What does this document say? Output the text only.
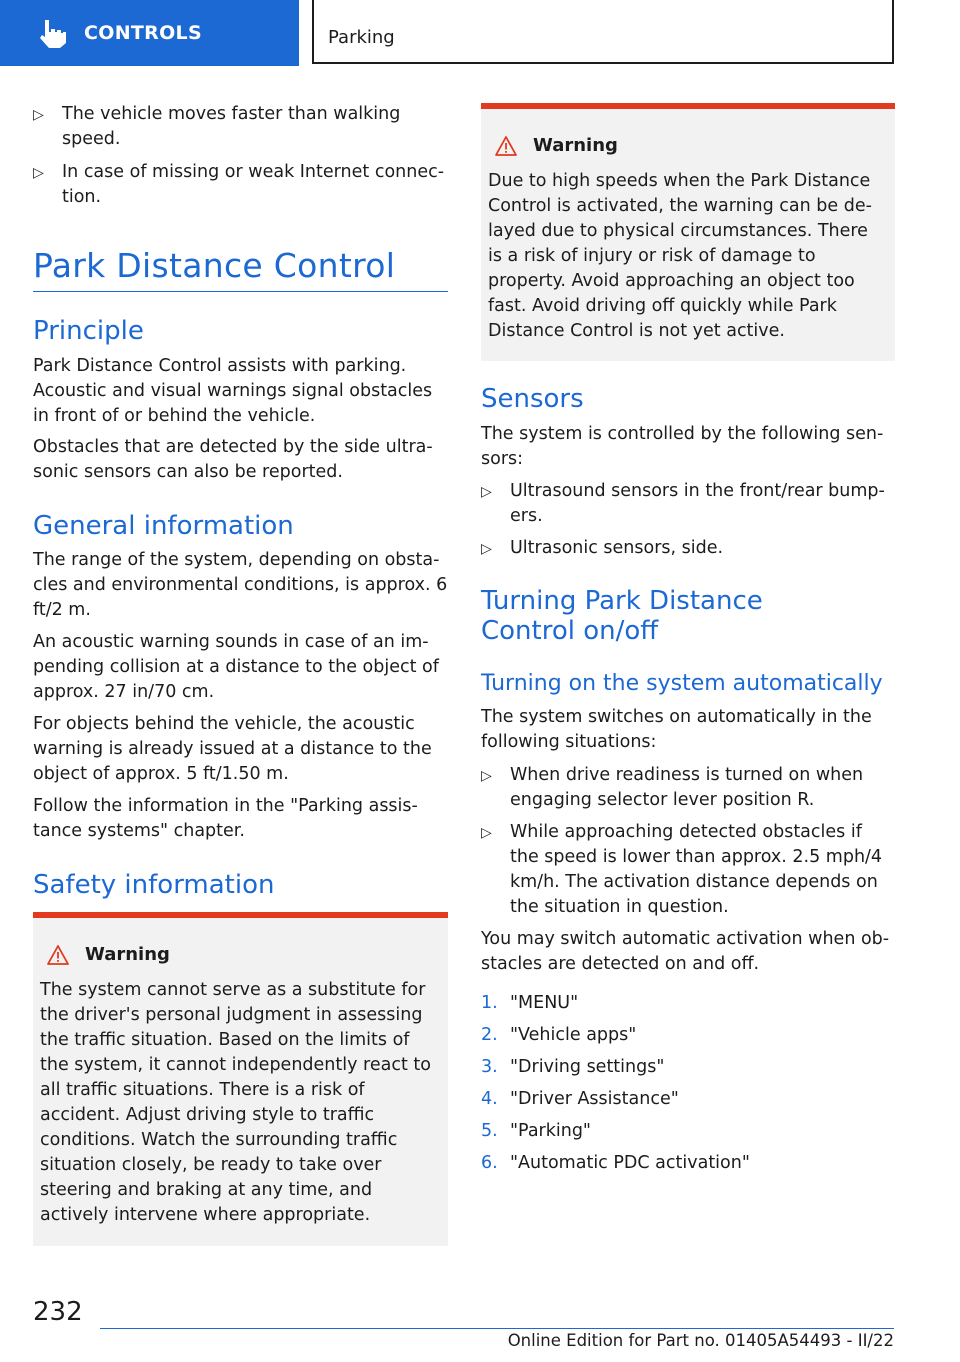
CONTROLS	Parking
▷ The vehicle moves faster than walking speed.
▷ In case of missing or weak Internet connec-tion.
Park Distance Control
Principle

Park Distance Control assists with parking. Acoustic and visual warnings signal obstacles in front of or behind the vehicle.

Obstacles that are detected by the side ultra-sonic sensors can also be reported.

General information

The range of the system, depending on obsta-cles and environmental conditions, is approx. 6 ft/2 m.

An acoustic warning sounds in case of an im-pending collision at a distance to the object of approx. 27 in/70 cm.

For objects behind the vehicle, the acoustic warning is already issued at a distance to the object of approx. 5 ft/1.50 m.

Follow the information in the "Parking assis-tance systems" chapter.

Safety information
Warning
The system cannot serve as a substitute for the driver's personal judgment in assessing the traffic situation. Based on the limits of the system, it cannot independently react to all traffic situations. There is a risk of accident. Adjust driving style to traffic conditions. Watch the surrounding traffic situation closely, be ready to take over steering and braking at any time, and actively intervene where appropriate.
Warning
Due to high speeds when the Park Distance Control is activated, the warning can be de-layed due to physical circumstances. There is a risk of injury or risk of damage to property. Avoid approaching an object too fast. Avoid driving off quickly while Park Distance Control is not yet active.
Sensors

The system is controlled by the following sen-sors:

▷ Ultrasound sensors in the front/rear bump-ers.
▷ Ultrasonic sensors, side.
Turning Park Distance Control on/off
Turning on the system automatically

The system switches on automatically in the following situations:

▷ When drive readiness is turned on when engaging selector lever position R.
▷ While approaching detected obstacles if the speed is lower than approx. 2.5 mph/4 km/h. The activation distance depends on the situation in question.

You may switch automatic activation when ob-stacles are detected on and off.

1. "MENU"
2. "Vehicle apps"
3. "Driving settings"
4. "Driver Assistance"
5. "Parking"
6. "Automatic PDC activation"
232
Online Edition for Part no. 01405A54493 - II/22
